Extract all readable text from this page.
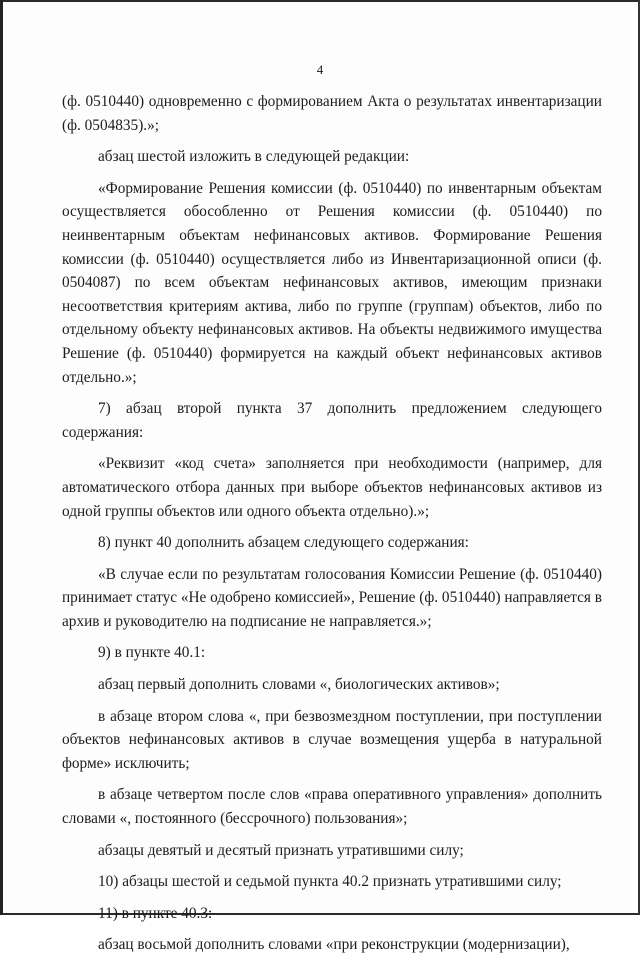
4

(ф. 0510440) одновременно с формированием Акта о результатах инвентаризации (ф. 0504835).»;

абзац шестой изложить в следующей редакции:

«Формирование Решения комиссии (ф. 0510440) по инвентарным объектам осуществляется обособленно от Решения комиссии (ф. 0510440) по неинвентарным объектам нефинансовых активов. Формирование Решения комиссии (ф. 0510440) осуществляется либо из Инвентаризационной описи (ф. 0504087) по всем объектам нефинансовых активов, имеющим признаки несоответствия критериям актива, либо по группе (группам) объектов, либо по отдельному объекту нефинансовых активов. На объекты недвижимого имущества Решение (ф. 0510440) формируется на каждый объект нефинансовых активов отдельно.»;

7) абзац второй пункта 37 дополнить предложением следующего содержания:

«Реквизит «код счета» заполняется при необходимости (например, для автоматического отбора данных при выборе объектов нефинансовых активов из одной группы объектов или одного объекта отдельно).»;

8) пункт 40 дополнить абзацем следующего содержания:

«В случае если по результатам голосования Комиссии Решение (ф. 0510440) принимает статус «Не одобрено комиссией», Решение (ф. 0510440) направляется в архив и руководителю на подписание не направляется.»;

9) в пункте 40.1:

абзац первый дополнить словами «, биологических активов»;

в абзаце втором слова «, при безвозмездном поступлении, при поступлении объектов нефинансовых активов в случае возмещения ущерба в натуральной форме» исключить;

в абзаце четвертом после слов «права оперативного управления» дополнить словами «, постоянного (бессрочного) пользования»;

абзацы девятый и десятый признать утратившими силу;

10) абзацы шестой и седьмой пункта 40.2 признать утратившими силу;

11) в пункте 40.3:

абзац восьмой дополнить словами «при реконструкции (модернизации),
